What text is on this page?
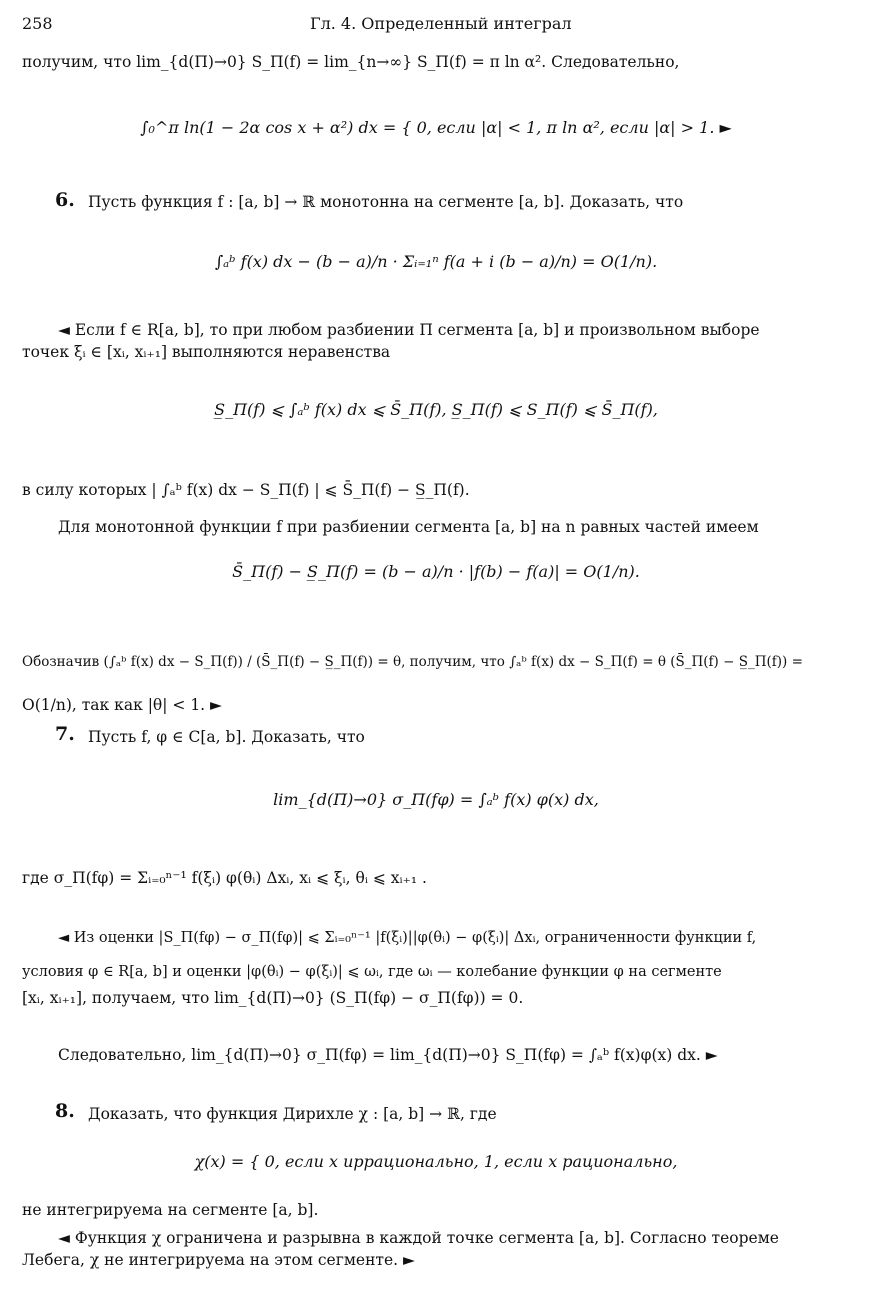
258	Гл. 4. Определенный интеграл
получим, что lim_{d(Π)→0} S_Π(f) = lim_{n→∞} S_Π(f) = π ln α². Следовательно,
∫₀^π ln(1 − 2α cos x + α²) dx = { 0, если |α| < 1, π ln α², если |α| > 1. ►
6. Пусть функция f : [a, b] → ℝ монотонна на сегменте [a, b]. Доказать, что
∫ₐᵇ f(x) dx − (b − a)/n · Σᵢ₌₁ⁿ f(a + i (b − a)/n) = O(1/n).
◄ Если f ∈ R[a, b], то при любом разбиении Π сегмента [a, b] и произвольном выборе
точек ξᵢ ∈ [xᵢ, xᵢ₊₁] выполняются неравенства
S̲_Π(f) ⩽ ∫ₐᵇ f(x) dx ⩽ S̄_Π(f), S̲_Π(f) ⩽ S_Π(f) ⩽ S̄_Π(f),
в силу которых | ∫ₐᵇ f(x) dx − S_Π(f) | ⩽ S̄_Π(f) − S̲_Π(f).
Для монотонной функции f при разбиении сегмента [a, b] на n равных частей имеем
S̄_Π(f) − S̲_Π(f) = (b − a)/n · |f(b) − f(a)| = O(1/n).
Обозначив (∫ₐᵇ f(x) dx − S_Π(f)) / (S̄_Π(f) − S̲_Π(f)) = θ, получим, что ∫ₐᵇ f(x) dx − S_Π(f) = θ (S̄_Π(f) − S̲_Π(f)) =
O(1/n), так как |θ| < 1. ►
7. Пусть f, φ ∈ C[a, b]. Доказать, что
lim_{d(Π)→0} σ_Π(fφ) = ∫ₐᵇ f(x) φ(x) dx,
где σ_Π(fφ) = Σᵢ₌₀ⁿ⁻¹ f(ξᵢ) φ(θᵢ) Δxᵢ, xᵢ ⩽ ξᵢ, θᵢ ⩽ xᵢ₊₁ .
◄ Из оценки |S_Π(fφ) − σ_Π(fφ)| ⩽ Σᵢ₌₀ⁿ⁻¹ |f(ξᵢ)||φ(θᵢ) − φ(ξᵢ)| Δxᵢ, ограниченности функции f,
условия φ ∈ R[a, b] и оценки |φ(θᵢ) − φ(ξᵢ)| ⩽ ωᵢ, где ωᵢ — колебание функции φ на сегменте
[xᵢ, xᵢ₊₁], получаем, что lim_{d(Π)→0} (S_Π(fφ) − σ_Π(fφ)) = 0.
Следовательно, lim_{d(Π)→0} σ_Π(fφ) = lim_{d(Π)→0} S_Π(fφ) = ∫ₐᵇ f(x)φ(x) dx. ►
8. Доказать, что функция Дирихле χ : [a, b] → ℝ, где
χ(x) = { 0, если x иррационально, 1, если x рационально,
не интегрируема на сегменте [a, b].
◄ Функция χ ограничена и разрывна в каждой точке сегмента [a, b]. Согласно теореме
Лебега, χ не интегрируема на этом сегменте. ►
